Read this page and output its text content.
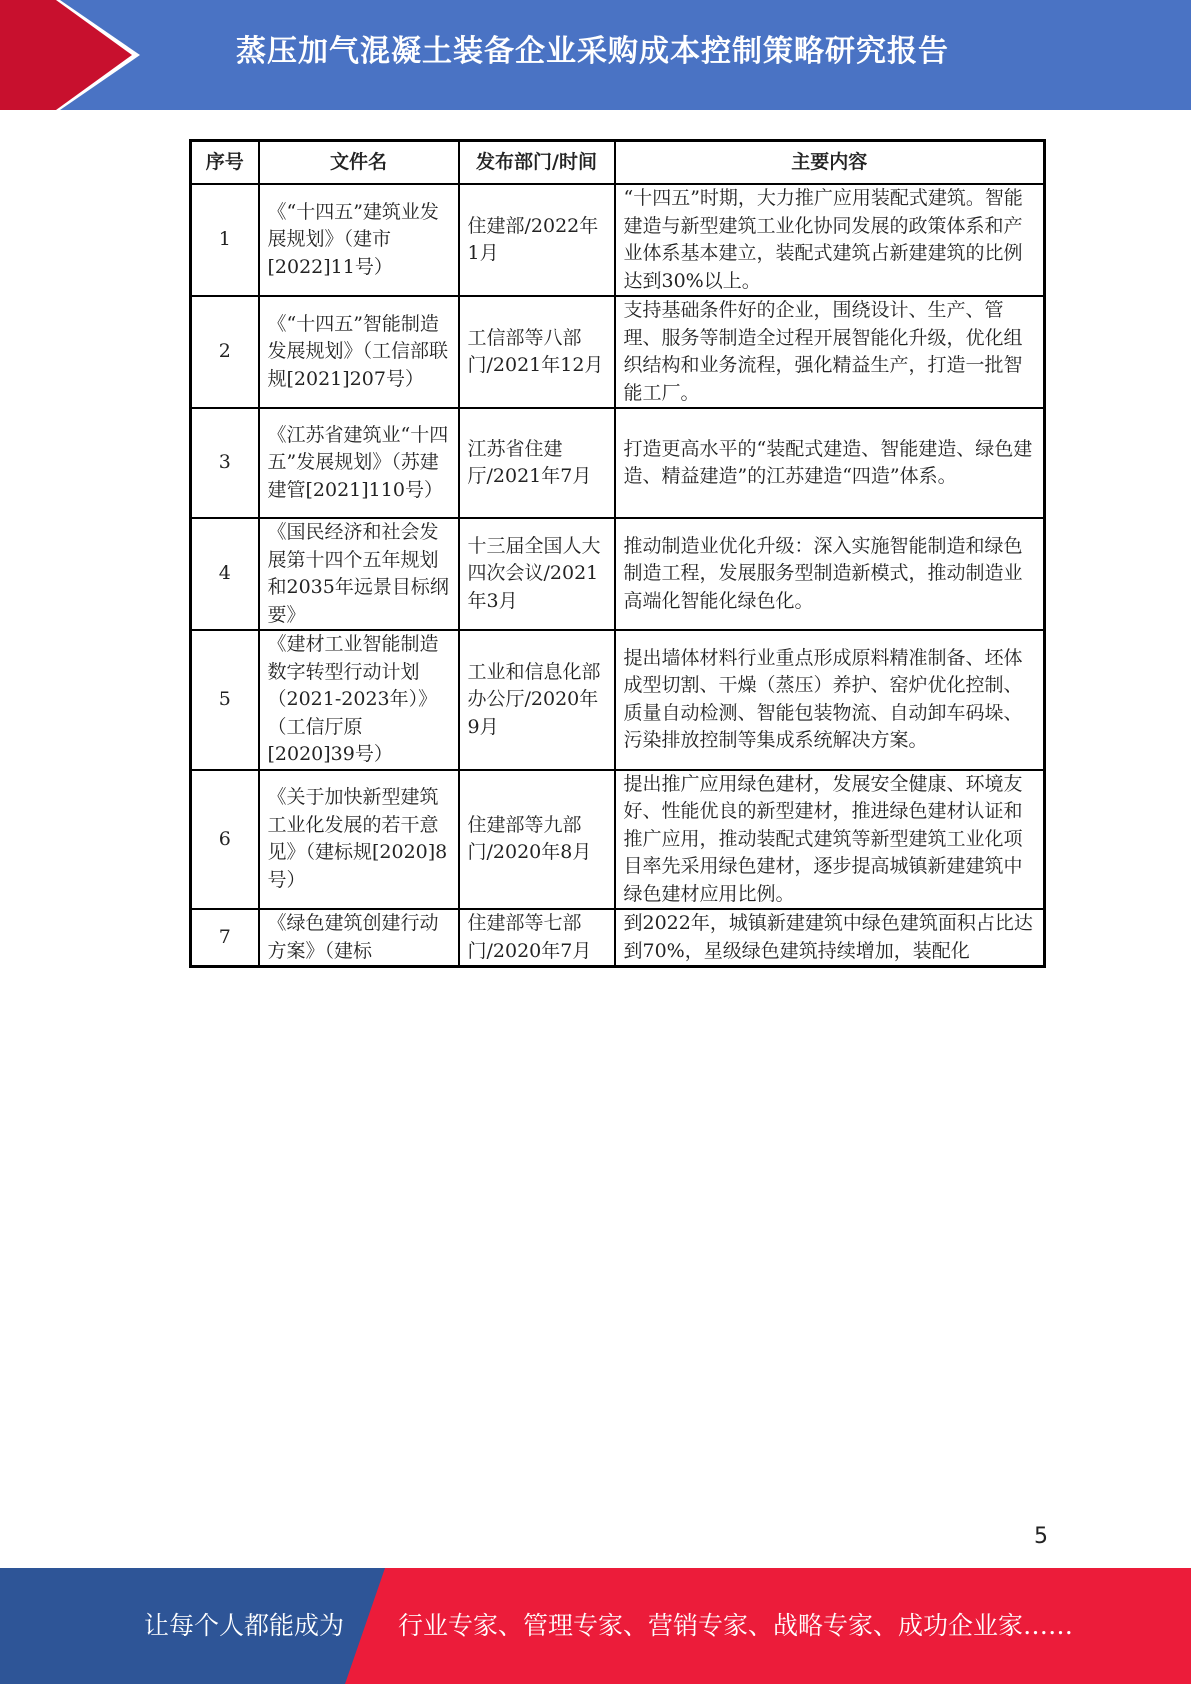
蒸压加气混凝土装备企业采购成本控制策略研究报告
序号	文件名	发布部门/时间	主要内容
1	《“十四五”建筑业发展规划》（建市[2022]11号）	住建部/2022年1月	“十四五”时期，大力推广应用装配式建筑。智能建造与新型建筑工业化协同发展的政策体系和产业体系基本建立，装配式建筑占新建建筑的比例达到30%以上。
2	《“十四五”智能制造发展规划》（工信部联规[2021]207号）	工信部等八部门/2021年12月	支持基础条件好的企业，围绕设计、生产、管理、服务等制造全过程开展智能化升级，优化组织结构和业务流程，强化精益生产，打造一批智能工厂。
3	《江苏省建筑业“十四五”发展规划》（苏建建管[2021]110号）	江苏省住建厅/2021年7月	打造更高水平的“装配式建造、智能建造、绿色建造、精益建造”的江苏建造“四造”体系。
4	《国民经济和社会发展第十四个五年规划和2035年远景目标纲要》	十三届全国人大四次会议/2021年3月	推动制造业优化升级：深入实施智能制造和绿色制造工程，发展服务型制造新模式，推动制造业高端化智能化绿色化。
5	《建材工业智能制造数字转型行动计划（2021-2023年）》（工信厅原[2020]39号）	工业和信息化部办公厅/2020年9月	提出墙体材料行业重点形成原料精准制备、坯体成型切割、干燥（蒸压）养护、窑炉优化控制、质量自动检测、智能包装物流、自动卸车码垛、污染排放控制等集成系统解决方案。
6	《关于加快新型建筑工业化发展的若干意见》（建标规[2020]8号）	住建部等九部门/2020年8月	提出推广应用绿色建材，发展安全健康、环境友好、性能优良的新型建材，推进绿色建材认证和推广应用，推动装配式建筑等新型建筑工业化项目率先采用绿色建材，逐步提高城镇新建建筑中绿色建材应用比例。
7	《绿色建筑创建行动方案》（建标	住建部等七部门/2020年7月	到2022年，城镇新建建筑中绿色建筑面积占比达到70%，星级绿色建筑持续增加，装配化
5
让每个人都能成为 行业专家、管理专家、营销专家、战略专家、成功企业家……
